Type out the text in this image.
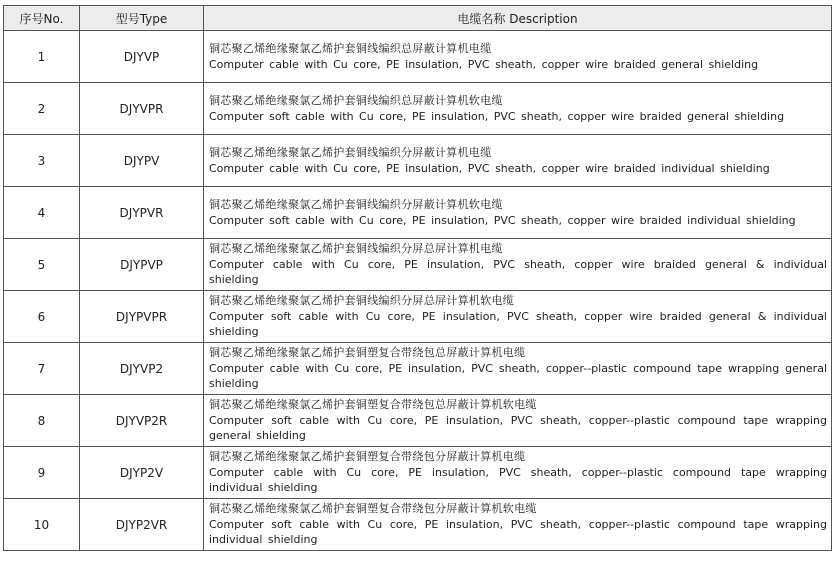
序号No.	型号Type	电缆名称 Description
1	DJYVP	铜芯聚乙烯绝缘聚氯乙烯护套铜线编织总屏蔽计算机电缆
Computer cable with Cu core, PE insulation, PVC sheath, copper wire braided general shielding

2	DJYVPR	铜芯聚乙烯绝缘聚氯乙烯护套铜线编织总屏蔽计算机软电缆
Computer soft cable with Cu core, PE insulation, PVC sheath, copper wire braided general shielding

3	DJYPV	铜芯聚乙烯绝缘聚氯乙烯护套铜线编织分屏蔽计算机电缆
Computer cable with Cu core, PE insulation, PVC sheath, copper wire braided individual shielding

4	DJYPVR	铜芯聚乙烯绝缘聚氯乙烯护套铜线编织分屏蔽计算机软电缆
Computer soft cable with Cu core, PE insulation, PVC sheath, copper wire braided individual shielding

5	DJYPVP	铜芯聚乙烯绝缘聚氯乙烯护套铜线编织分屏总屏计算机电缆
Computer cable with Cu core, PE insulation, PVC sheath, copper wire braided general & individual shielding

6	DJYPVPR	铜芯聚乙烯绝缘聚氯乙烯护套铜线编织分屏总屏计算机软电缆
Computer soft cable with Cu core, PE insulation, PVC sheath, copper wire braided general & individual shielding

7	DJYVP2	铜芯聚乙烯绝缘聚氯乙烯护套铜塑复合带绕包总屏蔽计算机电缆
Computer cable with Cu core, PE insulation, PVC sheath, copper--plastic compound tape wrapping general shielding

8	DJYVP2R	铜芯聚乙烯绝缘聚氯乙烯护套铜塑复合带绕包总屏蔽计算机软电缆
Computer soft cable with Cu core, PE insulation, PVC sheath, copper--plastic compound tape wrapping general shielding

9	DJYP2V	铜芯聚乙烯绝缘聚氯乙烯护套铜塑复合带绕包分屏蔽计算机电缆
Computer cable with Cu core, PE insulation, PVC sheath, copper--plastic compound tape wrapping individual shielding

10	DJYP2VR	铜芯聚乙烯绝缘聚氯乙烯护套铜塑复合带绕包分屏蔽计算机软电缆
Computer soft cable with Cu core, PE insulation, PVC sheath, copper--plastic compound tape wrapping individual shielding
